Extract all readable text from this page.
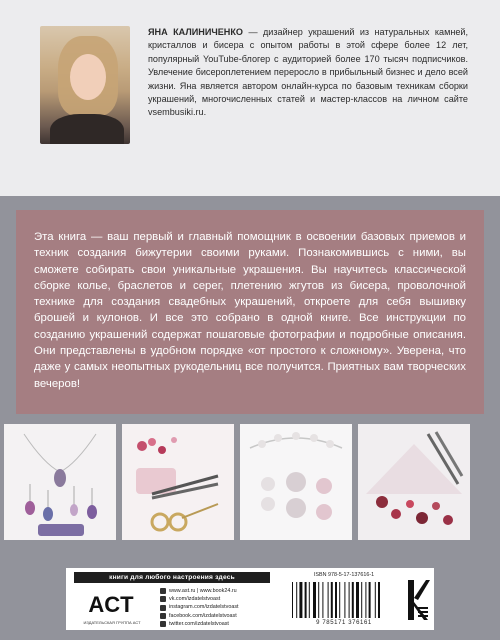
ЯНА КАЛИНИЧЕНКО — дизайнер украшений из натуральных камней, кристаллов и бисера с опытом работы в этой сфере более 12 лет, популярный YouTube-блогер с аудиторией более 170 тысяч подписчиков. Увлечение бисероплетением переросло в прибыльный бизнес и дело всей жизни. Яна является автором онлайн-курса по базовым техникам сборки украшений, многочисленных статей и мастер-классов на личном сайте vsembusiki.ru.
Эта книга — ваш первый и главный помощник в освоении базовых приемов и техник создания бижутерии своими руками. Познакомившись с ними, вы сможете собирать свои уникальные украшения. Вы научитесь классической сборке колье, браслетов и серег, плетению жгутов из бисера, проволочной технике для создания свадебных украшений, откроете для себя вышивку брошей и кулонов. И все это собрано в одной книге. Все инструкции по созданию украшений содержат пошаговые фотографии и подробные описания. Они представлены в удобном порядке «от простого к сложному». Уверена, что даже у самых неопытных рукодельниц все получится. Приятных вам творческих вечеров!
книги для любого настроения здесь
ACT
ИЗДАТЕЛЬСКАЯ ГРУППА АСТ
www.ast.ru | www.book24.ru
vk.com/izdatelstvoast
instagram.com/izdatelstvoast
facebook.com/izdatelstvoast
twitter.com/izdatelstvoast
ISBN 978-5-17-137616-1
9 785171 376161
